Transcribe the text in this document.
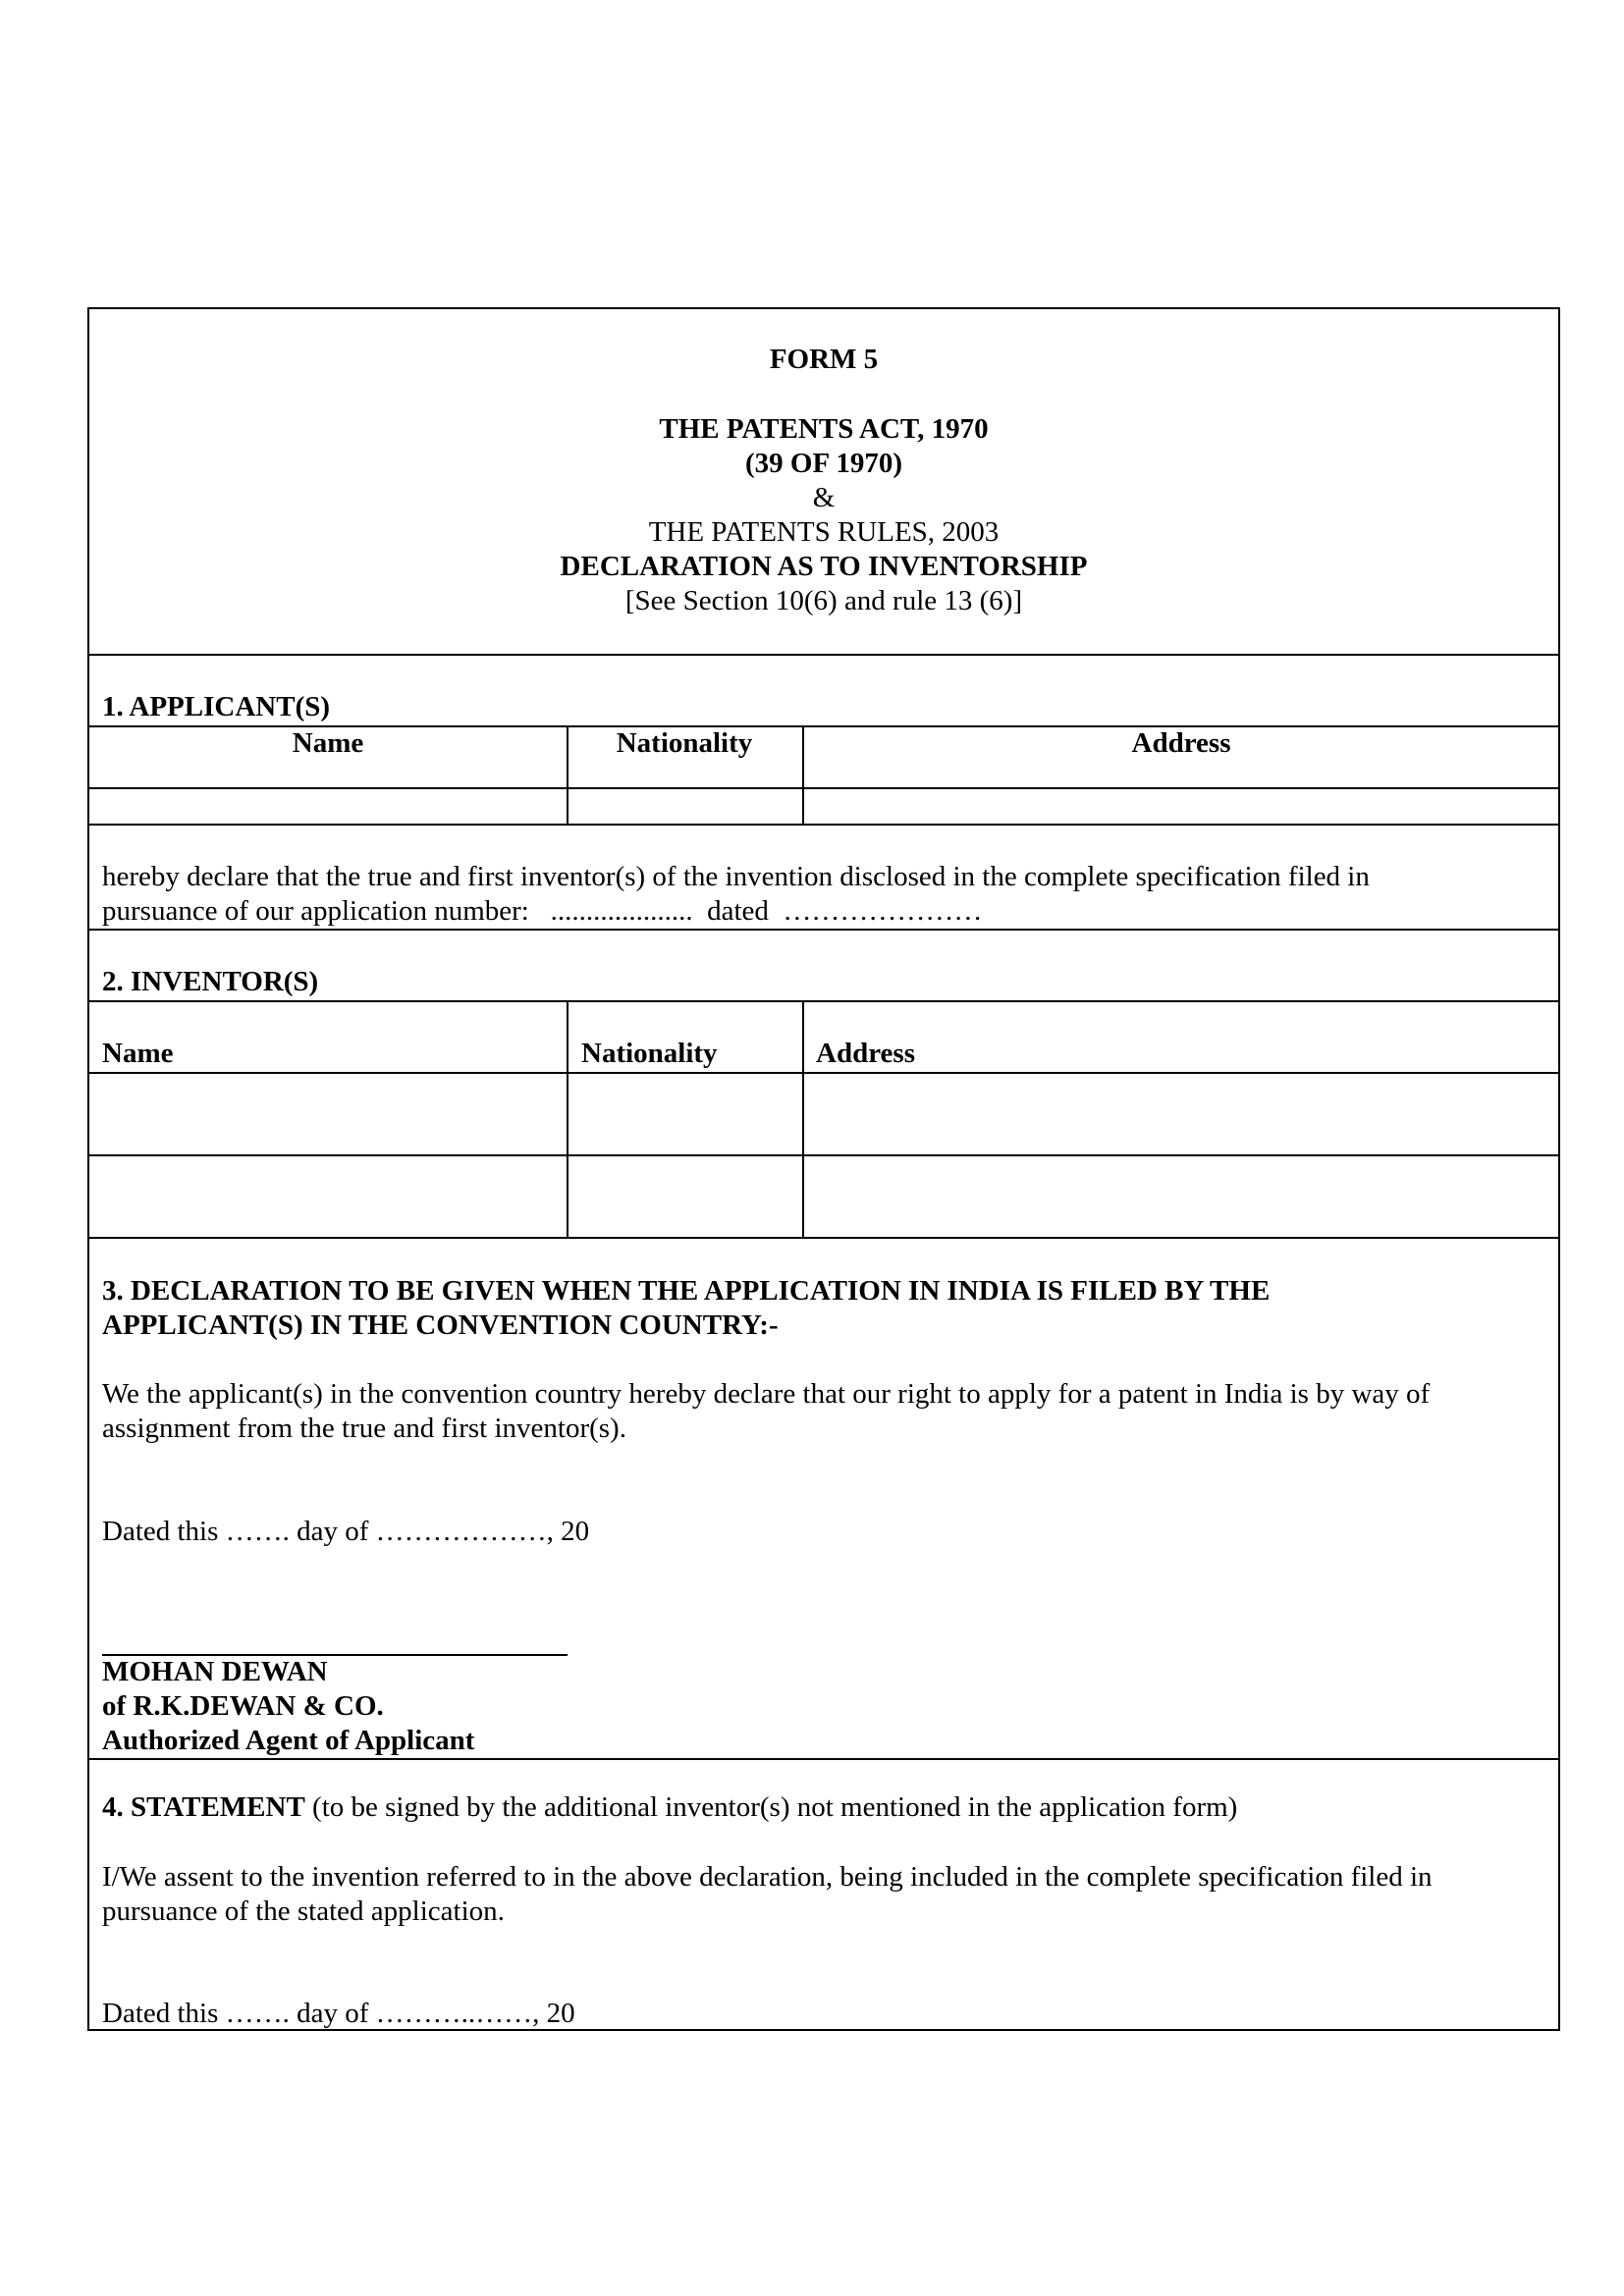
FORM 5
THE PATENTS ACT, 1970
(39 OF 1970)
&
THE PATENTS RULES, 2003
DECLARATION AS TO INVENTORSHIP
[See Section 10(6) and rule 13 (6)]
1. APPLICANT(S)
Name	Nationality	Address
hereby declare that the true and first inventor(s) of the invention disclosed in the complete specification filed in
pursuance of our application number:   ....................  dated  …………………
2. INVENTOR(S)
Name	Nationality	Address
3. DECLARATION TO BE GIVEN WHEN THE APPLICATION IN INDIA IS FILED BY THE
APPLICANT(S) IN THE CONVENTION COUNTRY:-
We the applicant(s) in the convention country hereby declare that our right to apply for a patent in India is by way of
assignment from the true and first inventor(s).
Dated this ……. day of ………………, 20
MOHAN DEWAN
of R.K.DEWAN & CO.
Authorized Agent of Applicant
4. STATEMENT (to be signed by the additional inventor(s) not mentioned in the application form)
I/We assent to the invention referred to in the above declaration, being included in the complete specification filed in
pursuance of the stated application.
Dated this ……. day of ………..……, 20
